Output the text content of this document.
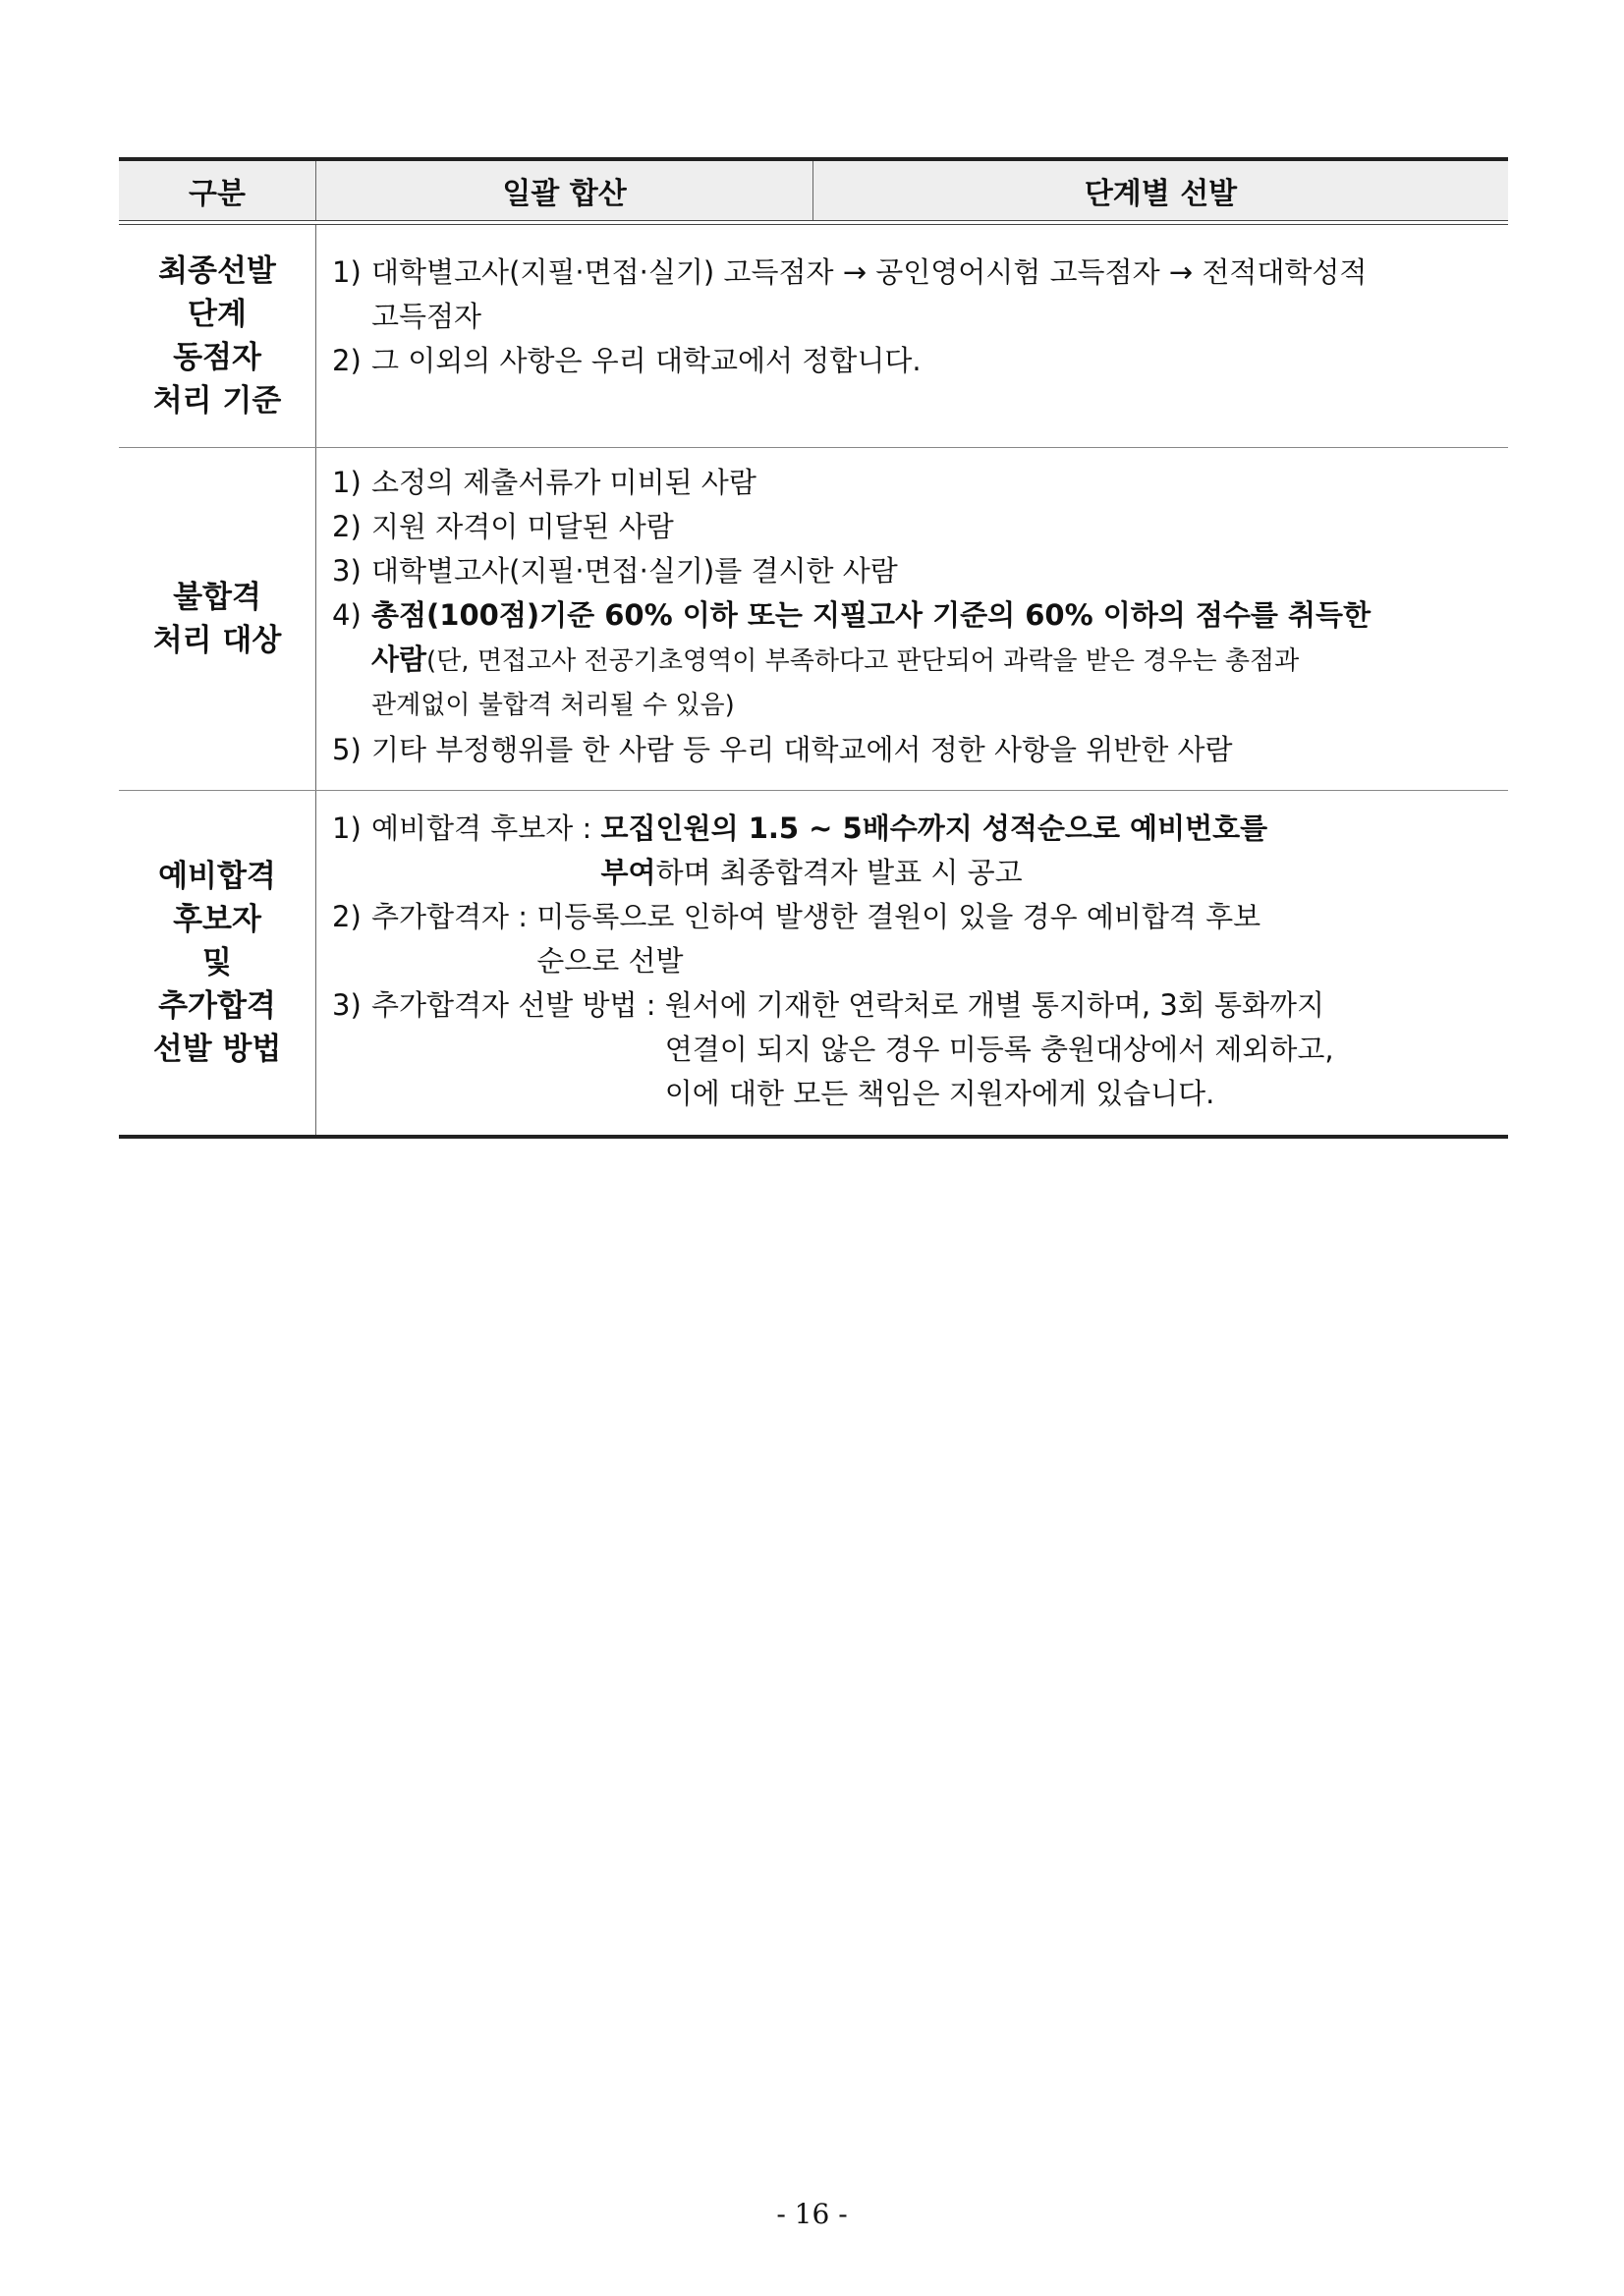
구분	일괄 합산	단계별 선발
최종선발
단계
동점자
처리 기준
1) 대학별고사(지필·면접·실기) 고득점자 → 공인영어시험 고득점자 → 전적대학성적
고득점자
2) 그 이외의 사항은 우리 대학교에서 정합니다.
불합격
처리 대상
1) 소정의 제출서류가 미비된 사람
2) 지원 자격이 미달된 사람
3) 대학별고사(지필·면접·실기)를 결시한 사람
4) 총점(100점)기준 60% 이하 또는 지필고사 기준의 60% 이하의 점수를 취득한
사람(단, 면접고사 전공기초영역이 부족하다고 판단되어 과락을 받은 경우는 총점과
관계없이 불합격 처리될 수 있음)
5) 기타 부정행위를 한 사람 등 우리 대학교에서 정한 사항을 위반한 사람
예비합격
후보자
및
추가합격
선발 방법
1) 예비합격 후보자 : 모집인원의 1.5 ~ 5배수까지 성적순으로 예비번호를
부여하며 최종합격자 발표 시 공고
2) 추가합격자 : 미등록으로 인하여 발생한 결원이 있을 경우 예비합격 후보
순으로 선발
3) 추가합격자 선발 방법 : 원서에 기재한 연락처로 개별 통지하며, 3회 통화까지
연결이 되지 않은 경우 미등록 충원대상에서 제외하고,
이에 대한 모든 책임은 지원자에게 있습니다.
- 16 -
